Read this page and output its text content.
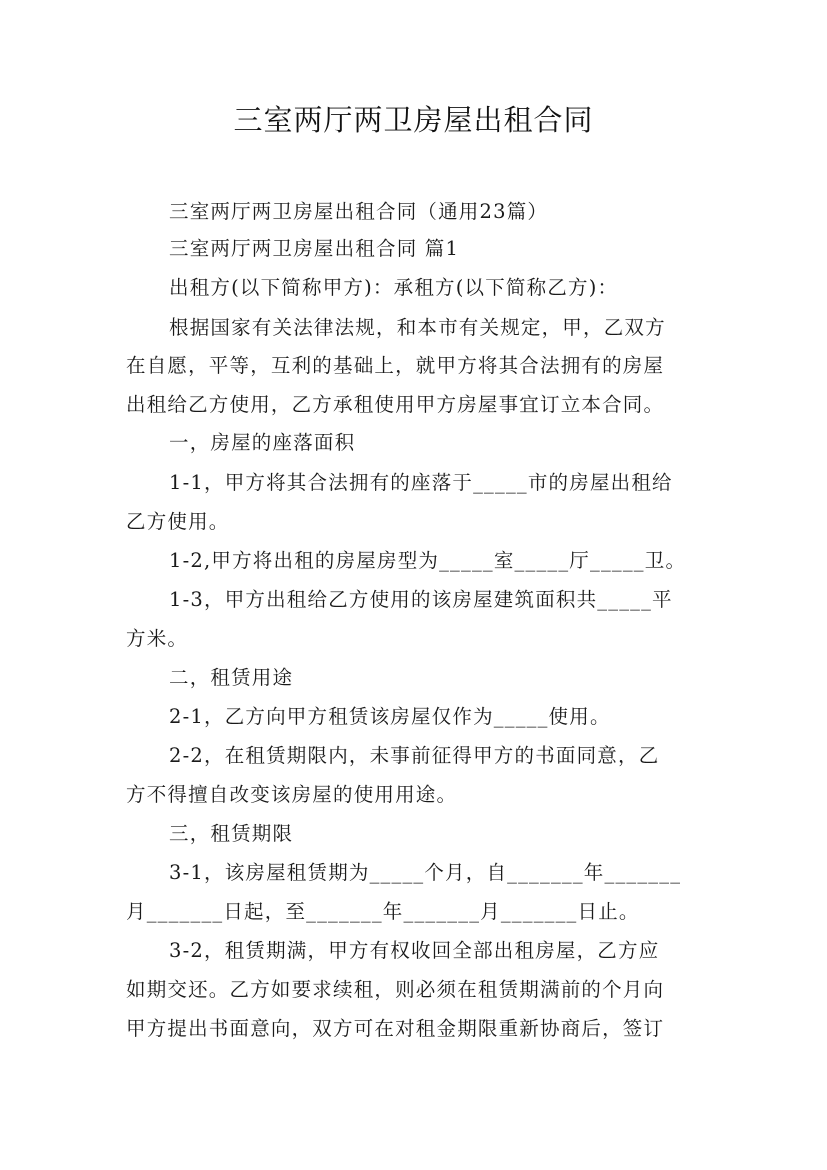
三室两厅两卫房屋出租合同
三室两厅两卫房屋出租合同（通用23篇）
三室两厅两卫房屋出租合同 篇1
出租方(以下简称甲方)：承租方(以下简称乙方)：
根据国家有关法律法规，和本市有关规定，甲，乙双方
在自愿，平等，互利的基础上，就甲方将其合法拥有的房屋
出租给乙方使用，乙方承租使用甲方房屋事宜订立本合同。
一，房屋的座落面积
1-1，甲方将其合法拥有的座落于_____市的房屋出租给
乙方使用。
1-2,甲方将出租的房屋房型为_____室_____厅_____卫。
1-3，甲方出租给乙方使用的该房屋建筑面积共_____平
方米。
二，租赁用途
2-1，乙方向甲方租赁该房屋仅作为_____使用。
2-2，在租赁期限内，未事前征得甲方的书面同意，乙
方不得擅自改变该房屋的使用用途。
三，租赁期限
3-1，该房屋租赁期为_____个月，自_______年_______
月_______日起，至_______年_______月_______日止。
3-2，租赁期满，甲方有权收回全部出租房屋，乙方应
如期交还。乙方如要求续租，则必须在租赁期满前的个月向
甲方提出书面意向，双方可在对租金期限重新协商后，签订
